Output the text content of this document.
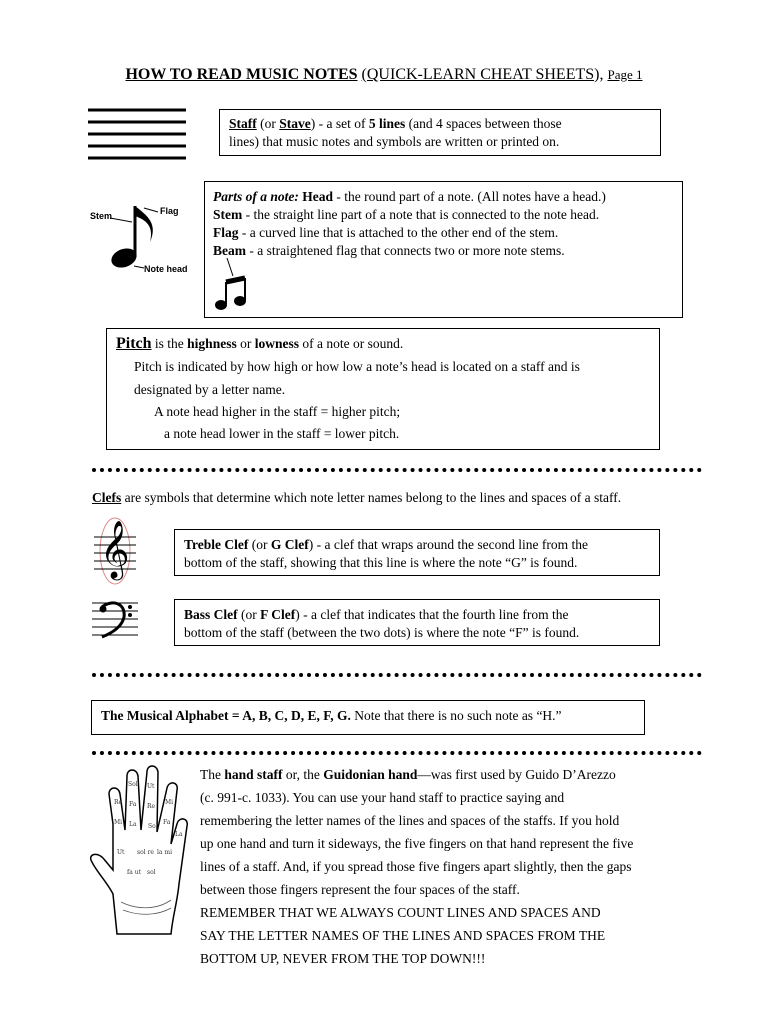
HOW TO READ MUSIC NOTES (QUICK-LEARN CHEAT SHEETS), Page 1
Staff (or Stave) - a set of 5 lines (and 4 spaces between those
lines) that music notes and symbols are written or printed on.
Stem	Flag
Note head
Parts of a note: Head - the round part of a note. (All notes have a head.)
Stem - the straight line part of a note that is connected to the note head.
Flag - a curved line that is attached to the other end of the stem.
Beam - a straightened flag that connects two or more note stems.
Pitch is the highness or lowness of a note or sound.
Pitch is indicated by how high or how low a note’s head is located on a staff and is
designated by a letter name.
A note head higher in the staff = higher pitch;
a note head lower in the staff = lower pitch.
Clefs are symbols that determine which note letter names belong to the lines and spaces of a staff.
𝄞	Treble Clef (or G Clef) - a clef that wraps around the second line from the
bottom of the staff, showing that this line is where the note “G” is found.
Bass Clef (or F Clef) - a clef that indicates that the fourth line from the
bottom of the staff (between the two dots) is where the note “F” is found.
The Musical Alphabet = A, B, C, D, E, F, G. Note that there is no such note as “H.”
Re
Mi
Sol
Fa
La
Ut
Re
Sol
Mi
Fa
La
Ut sol re la mi
fa ut sol
The hand staff or, the Guidonian hand—was first used by Guido D’Arezzo
(c. 991-c. 1033). You can use your hand staff to practice saying and
remembering the letter names of the lines and spaces of the staffs. If you hold
up one hand and turn it sideways, the five fingers on that hand represent the five
lines of a staff. And, if you spread those five fingers apart slightly, then the gaps
between those fingers represent the four spaces of the staff.
REMEMBER THAT WE ALWAYS COUNT LINES AND SPACES AND
SAY THE LETTER NAMES OF THE LINES AND SPACES FROM THE
BOTTOM UP, NEVER FROM THE TOP DOWN!!!
